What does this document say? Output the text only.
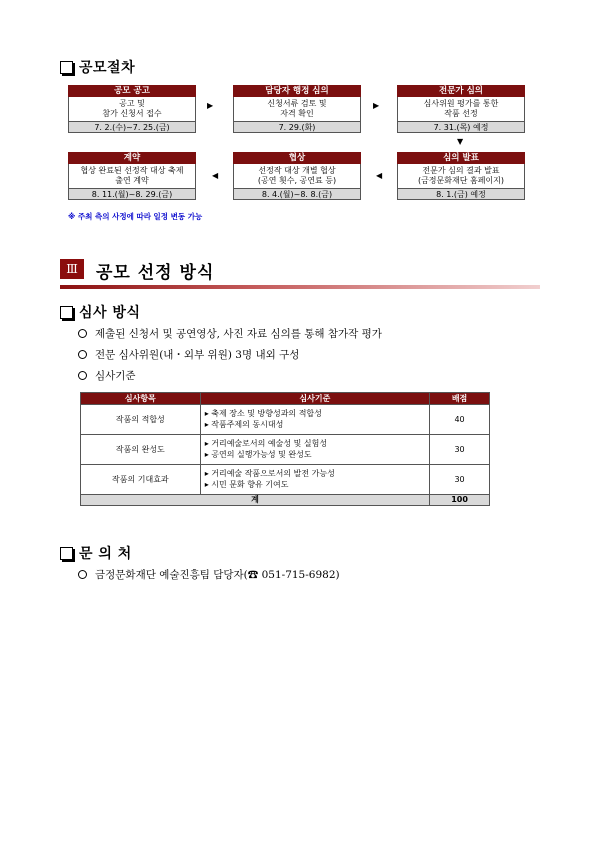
공모절차
공모 공고
공고 및
참가 신청서 접수
7. 2.(수)~7. 25.(금)
▶
담당자 행정 심의
신청서류 검토 및
자격 확인
7. 29.(화)
▶
전문가 심의
심사위원 평가를 통한
작품 선정
7. 31.(목) 예정
▼
계약
협상 완료된 선정작 대상 축제
출연 계약
8. 11.(월)~8. 29.(금)
◀
협상
선정작 대상 개별 협상
(공연 횟수, 공연료 등)
8. 4.(월)~8. 8.(금)
◀
심의 발표
전문가 심의 결과 발표
(금정문화재단 홈페이지)
8. 1.(금) 예정
※ 주최 측의 사정에 따라 일정 변동 가능
Ⅲ	공모 선정 방식
심사 방식
제출된 신청서 및 공연영상, 사진 자료 심의를 통해 참가작 평가
전문 심사위원(내・외부 위원) 3명 내외 구성
심사기준
심사항목	심사기준	배점
작품의 적합성	▸ 축제 장소 및 방향성과의 적합성
▸ 작품주제의 동시대성	40
작품의 완성도	▸ 거리예술로서의 예술성 및 실험성
▸ 공연의 실행가능성 및 완성도	30
작품의 기대효과	▸ 거리예술 작품으로서의 발전 가능성
▸ 시민 문화 향유 기여도	30
계		100
문 의 처
금정문화재단 예술진흥팀 담당자(☎ 051-715-6982)
